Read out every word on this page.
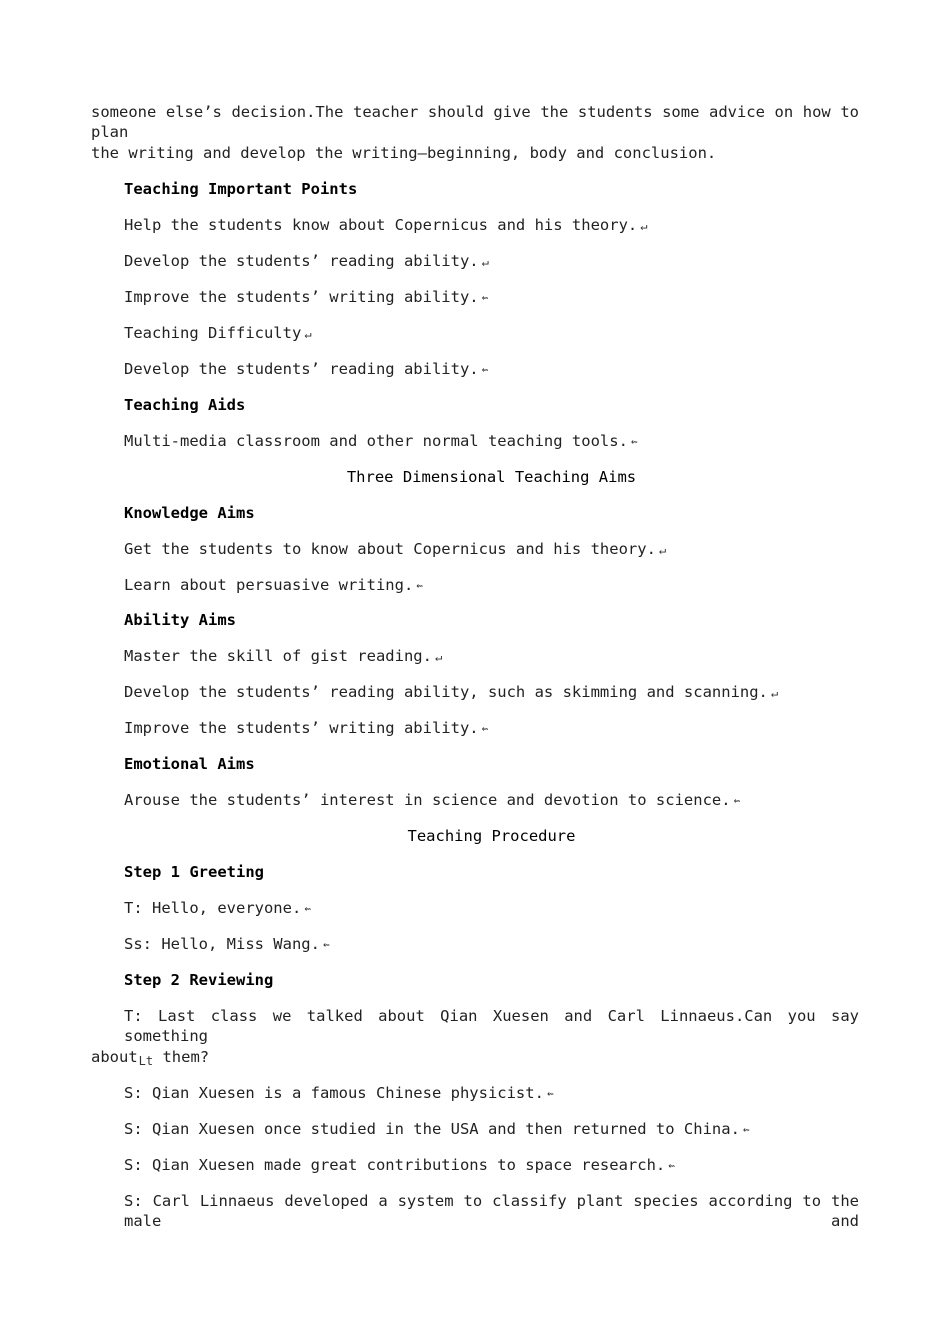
someone else’s decision.The teacher should give the students some advice on how to plan
the writing and develop the writing—beginning, body and conclusion.
Teaching Important Points
Help the students know about Copernicus and his theory. ↵
Develop the students’ reading ability. ↵
Improve the students’ writing ability. ⇜
Teaching Difficulty ↵
Develop the students’ reading ability. ⇜
Teaching Aids
Multi-media classroom and other normal teaching tools. ⇜
Three Dimensional Teaching Aims
Knowledge Aims
Get the students to know about Copernicus and his theory. ↵
Learn about persuasive writing. ⇜
Ability Aims
Master the skill of gist reading. ↵
Develop the students’ reading ability, such as skimming and scanning. ↵
Improve the students’ writing ability. ⇜
Emotional Aims
Arouse the students’ interest in science and devotion to science. ⇜
Teaching Procedure
Step 1 Greeting
T: Hello, everyone. ⇜
Ss: Hello, Miss Wang. ⇜
Step 2 Reviewing
T: Last class we talked about Qian Xuesen and Carl Linnaeus.Can you say something
aboutLt them?
S: Qian Xuesen is a famous Chinese physicist. ⇜
S: Qian Xuesen once studied in the USA and then returned to China. ⇜
S: Qian Xuesen made great contributions to space research. ⇜
S: Carl Linnaeus developed a system to classify plant species according to the male and
